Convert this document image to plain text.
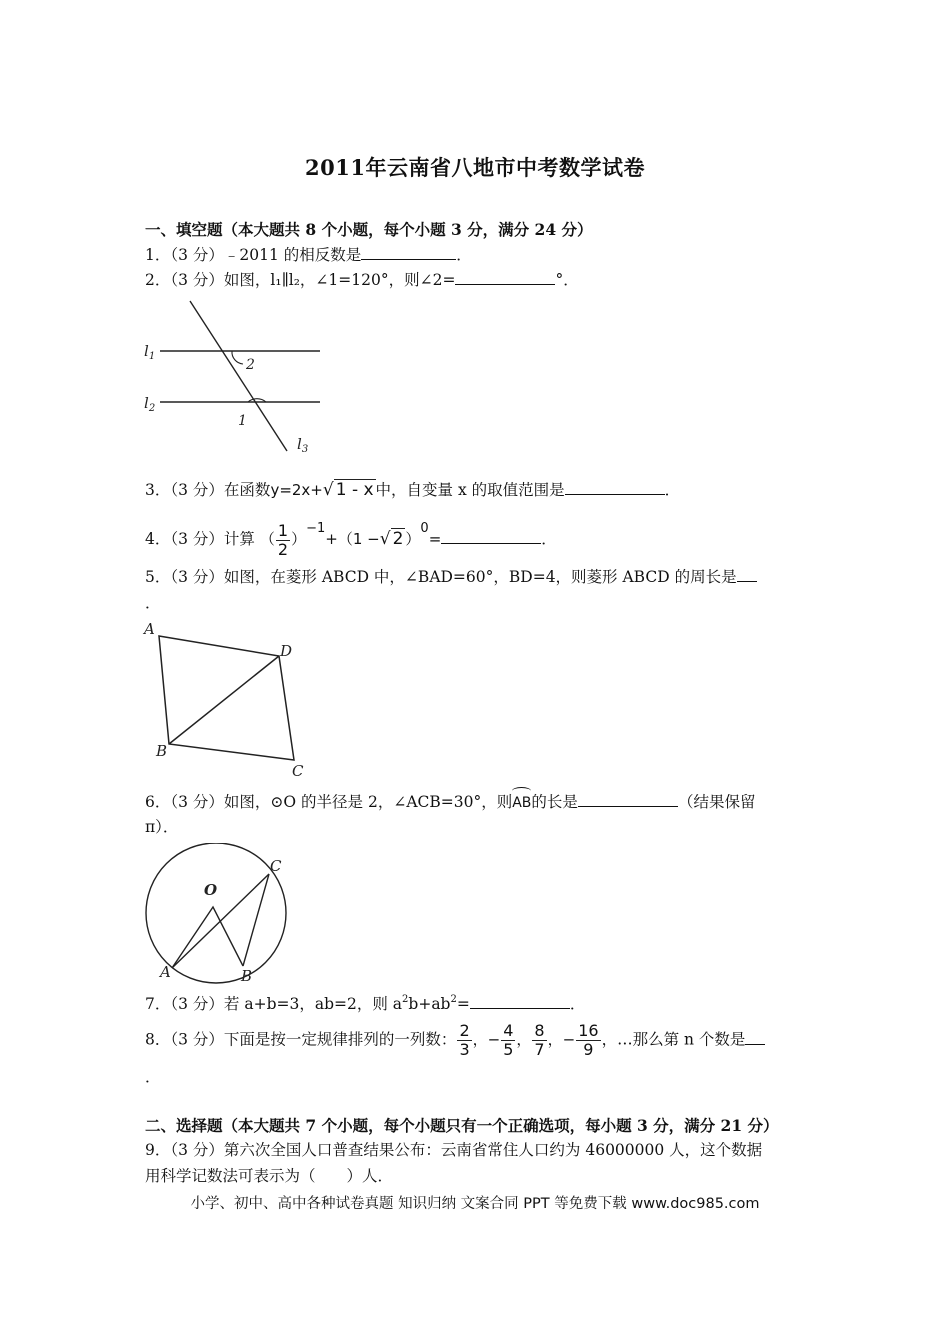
2011年云南省八地市中考数学试卷
一、填空题（本大题共 8 个小题，每个小题 3 分，满分 24 分）
1．（3 分）﹣2011 的相反数是	．
2．（3 分）如图，l₁∥l₂，∠1=120°，则∠2=	°．
$l_1$
$l_2$
$l_3$
2
1
3．（3 分）在函数y=2x+√ 1 - x 中，自变量 x 的取值范围是	．
4．（3 分）计算 （ $\frac{1}{2} )^{-1}+(1$ −√ 2 ）$^0$=	．
5．（3 分）如图，在菱形 ABCD 中，∠BAD=60°，BD=4，则菱形 ABCD 的周长是
．
A
D
B
C
6．（3 分）如图，⊙O 的半径是 2，∠ACB=30°，则AB的长是	（结果保留
π）．
O
A	B
C
7．（3 分）若 a+b=3，ab=2，则 $a^2b+ab^2=$	．
8．（3 分）下面是按一定规律排列的一列数： $\frac{2}{3}$ ，− $\frac{4}{5}$ ， $\frac{8}{7}$ ，− $\frac{16}{9}$ ，…那么第 n 个数是
．
二、选择题（本大题共 7 个小题，每个小题只有一个正确选项，每小题 3 分，满分 21 分）
9．（3 分）第六次全国人口普查结果公布：云南省常住人口约为 46000000 人，这个数据
用科学记数法可表示为（　　）人．
小学、初中、高中各种试卷真题 知识归纳 文案合同 PPT 等免费下载 www.doc985.com
